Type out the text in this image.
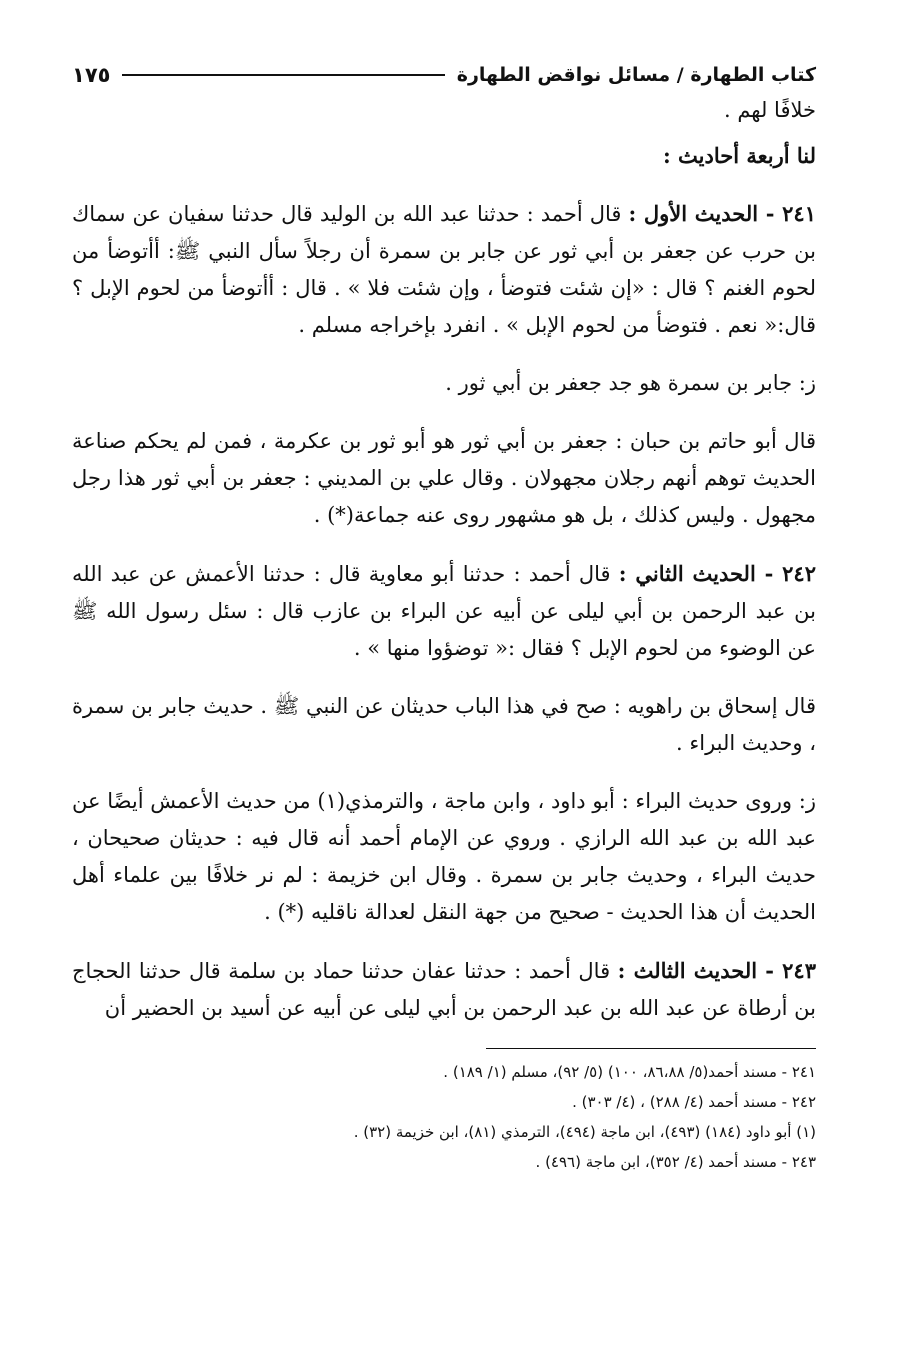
كتاب الطهارة / مسائل نواقض الطهارة
١٧٥

خلافًا لهم .

لنا أربعة أحاديث :

٢٤١ - الحديث الأول : قال أحمد : حدثنا عبد الله بن الوليد قال حدثنا سفيان عن سماك بن حرب عن جعفر بن أبي ثور عن جابر بن سمرة أن رجلاً سأل النبي ﷺ: أأتوضأ من لحوم الغنم ؟ قال : «إن شئت فتوضأ ، وإن شئت فلا » . قال : أأتوضأ من لحوم الإبل ؟ قال:« نعم . فتوضأ من لحوم الإبل » . انفرد بإخراجه مسلم .

ز: جابر بن سمرة هو جد جعفر بن أبي ثور .

قال أبو حاتم بن حبان : جعفر بن أبي ثور هو أبو ثور بن عكرمة ، فمن لم يحكم صناعة الحديث توهم أنهم رجلان مجهولان . وقال علي بن المديني : جعفر بن أبي ثور هذا رجل مجهول . وليس كذلك ، بل هو مشهور روى عنه جماعة(*) .

٢٤٢ - الحديث الثاني : قال أحمد : حدثنا أبو معاوية قال : حدثنا الأعمش عن عبد الله بن عبد الرحمن بن أبي ليلى عن أبيه عن البراء بن عازب قال : سئل رسول الله ﷺ عن الوضوء من لحوم الإبل ؟ فقال :« توضؤوا منها » .

قال إسحاق بن راهويه : صح في هذا الباب حديثان عن النبي ﷺ . حديث جابر بن سمرة ، وحديث البراء .

ز: وروى حديث البراء : أبو داود ، وابن ماجة ، والترمذي(١) من حديث الأعمش أيضًا عن عبد الله بن عبد الله الرازي . وروي عن الإمام أحمد أنه قال فيه : حديثان صحيحان ، حديث البراء ، وحديث جابر بن سمرة . وقال ابن خزيمة : لم نر خلافًا بين علماء أهل الحديث أن هذا الحديث - صحيح من جهة النقل لعدالة ناقليه (*) .

٢٤٣ - الحديث الثالث : قال أحمد : حدثنا عفان حدثنا حماد بن سلمة قال حدثنا الحجاج بن أرطاة عن عبد الله بن عبد الرحمن بن أبي ليلى عن أبيه عن أسيد بن الحضير أن

٢٤١ - مسند أحمد(٥/ ٨٦،٨٨، ١٠٠) (٥/ ٩٢)، مسلم (١/ ١٨٩) .
٢٤٢ - مسند أحمد (٤/ ٢٨٨) ، (٤/ ٣٠٣) .
(١) أبو داود (١٨٤) (٤٩٣)، ابن ماجة (٤٩٤)، الترمذي (٨١)، ابن خزيمة (٣٢) .
٢٤٣ - مسند أحمد (٤/ ٣٥٢)، ابن ماجة (٤٩٦) .
